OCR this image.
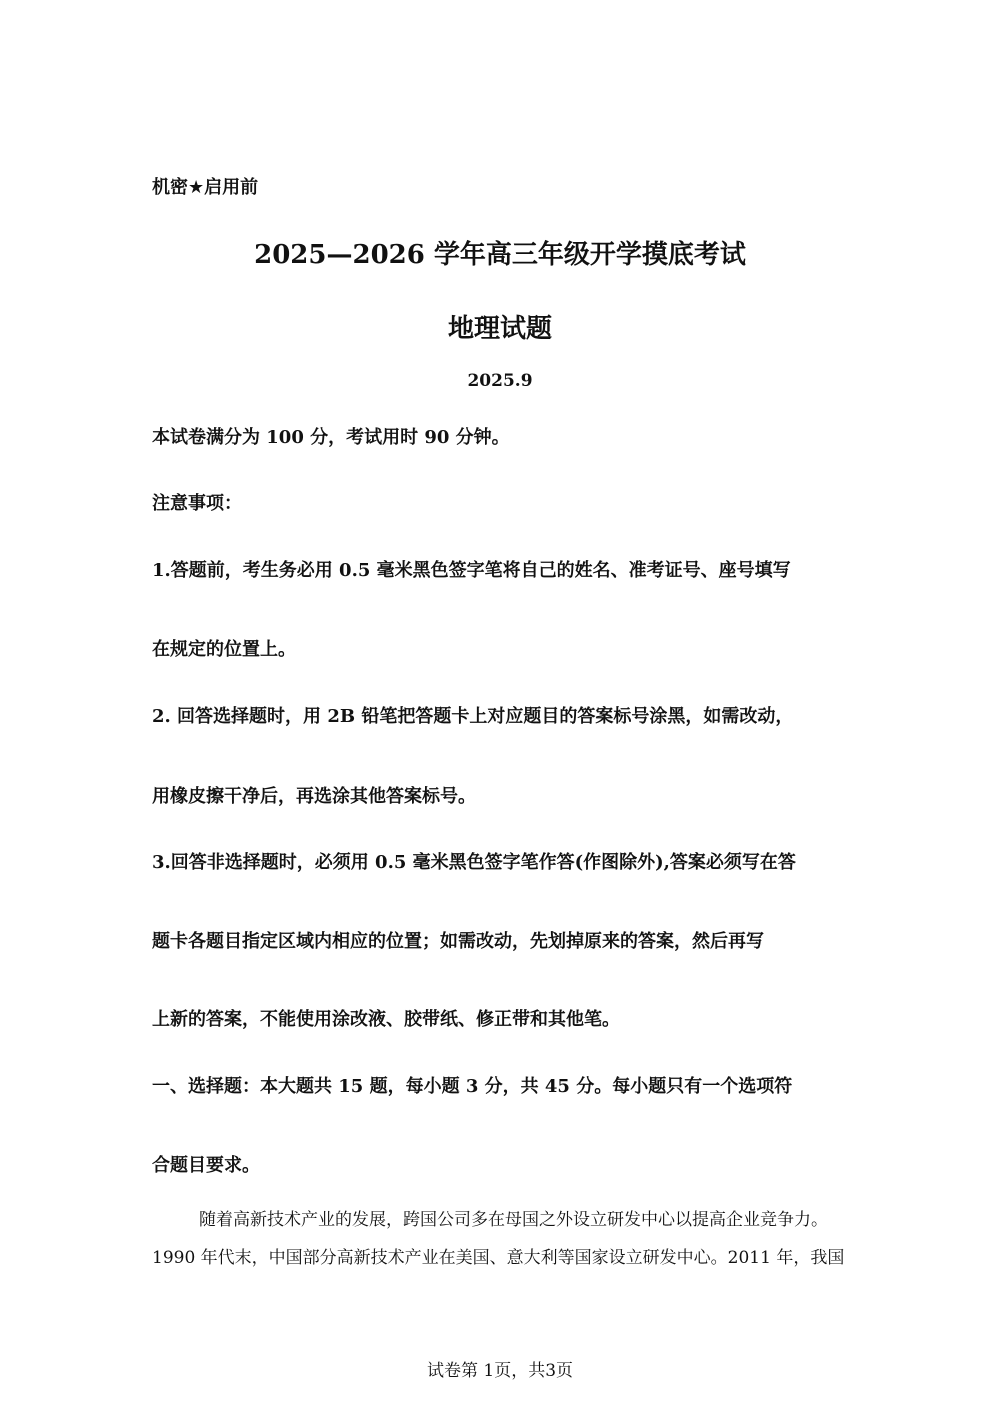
机密★启用前
2025—2026 学年高三年级开学摸底考试
地理试题
2025.9
本试卷满分为 100 分，考试用时 90 分钟。
注意事项：
1.答题前，考生务必用 0.5 毫米黑色签字笔将自己的姓名、准考证号、座号填写
在规定的位置上。
2. 回答选择题时，用 2B 铅笔把答题卡上对应题目的答案标号涂黑，如需改动，
用橡皮擦干净后，再选涂其他答案标号。
3.回答非选择题时，必须用 0.5 毫米黑色签字笔作答(作图除外),答案必须写在答
题卡各题目指定区域内相应的位置；如需改动，先划掉原来的答案，然后再写
上新的答案，不能使用涂改液、胶带纸、修正带和其他笔。
一、选择题：本大题共 15 题，每小题 3 分，共 45 分。每小题只有一个选项符
合题目要求。
随着高新技术产业的发展，跨国公司多在母国之外设立研发中心以提高企业竞争力。
1990 年代末，中国部分高新技术产业在美国、意大利等国家设立研发中心。2011 年，我国
试卷第 1页，共3页
